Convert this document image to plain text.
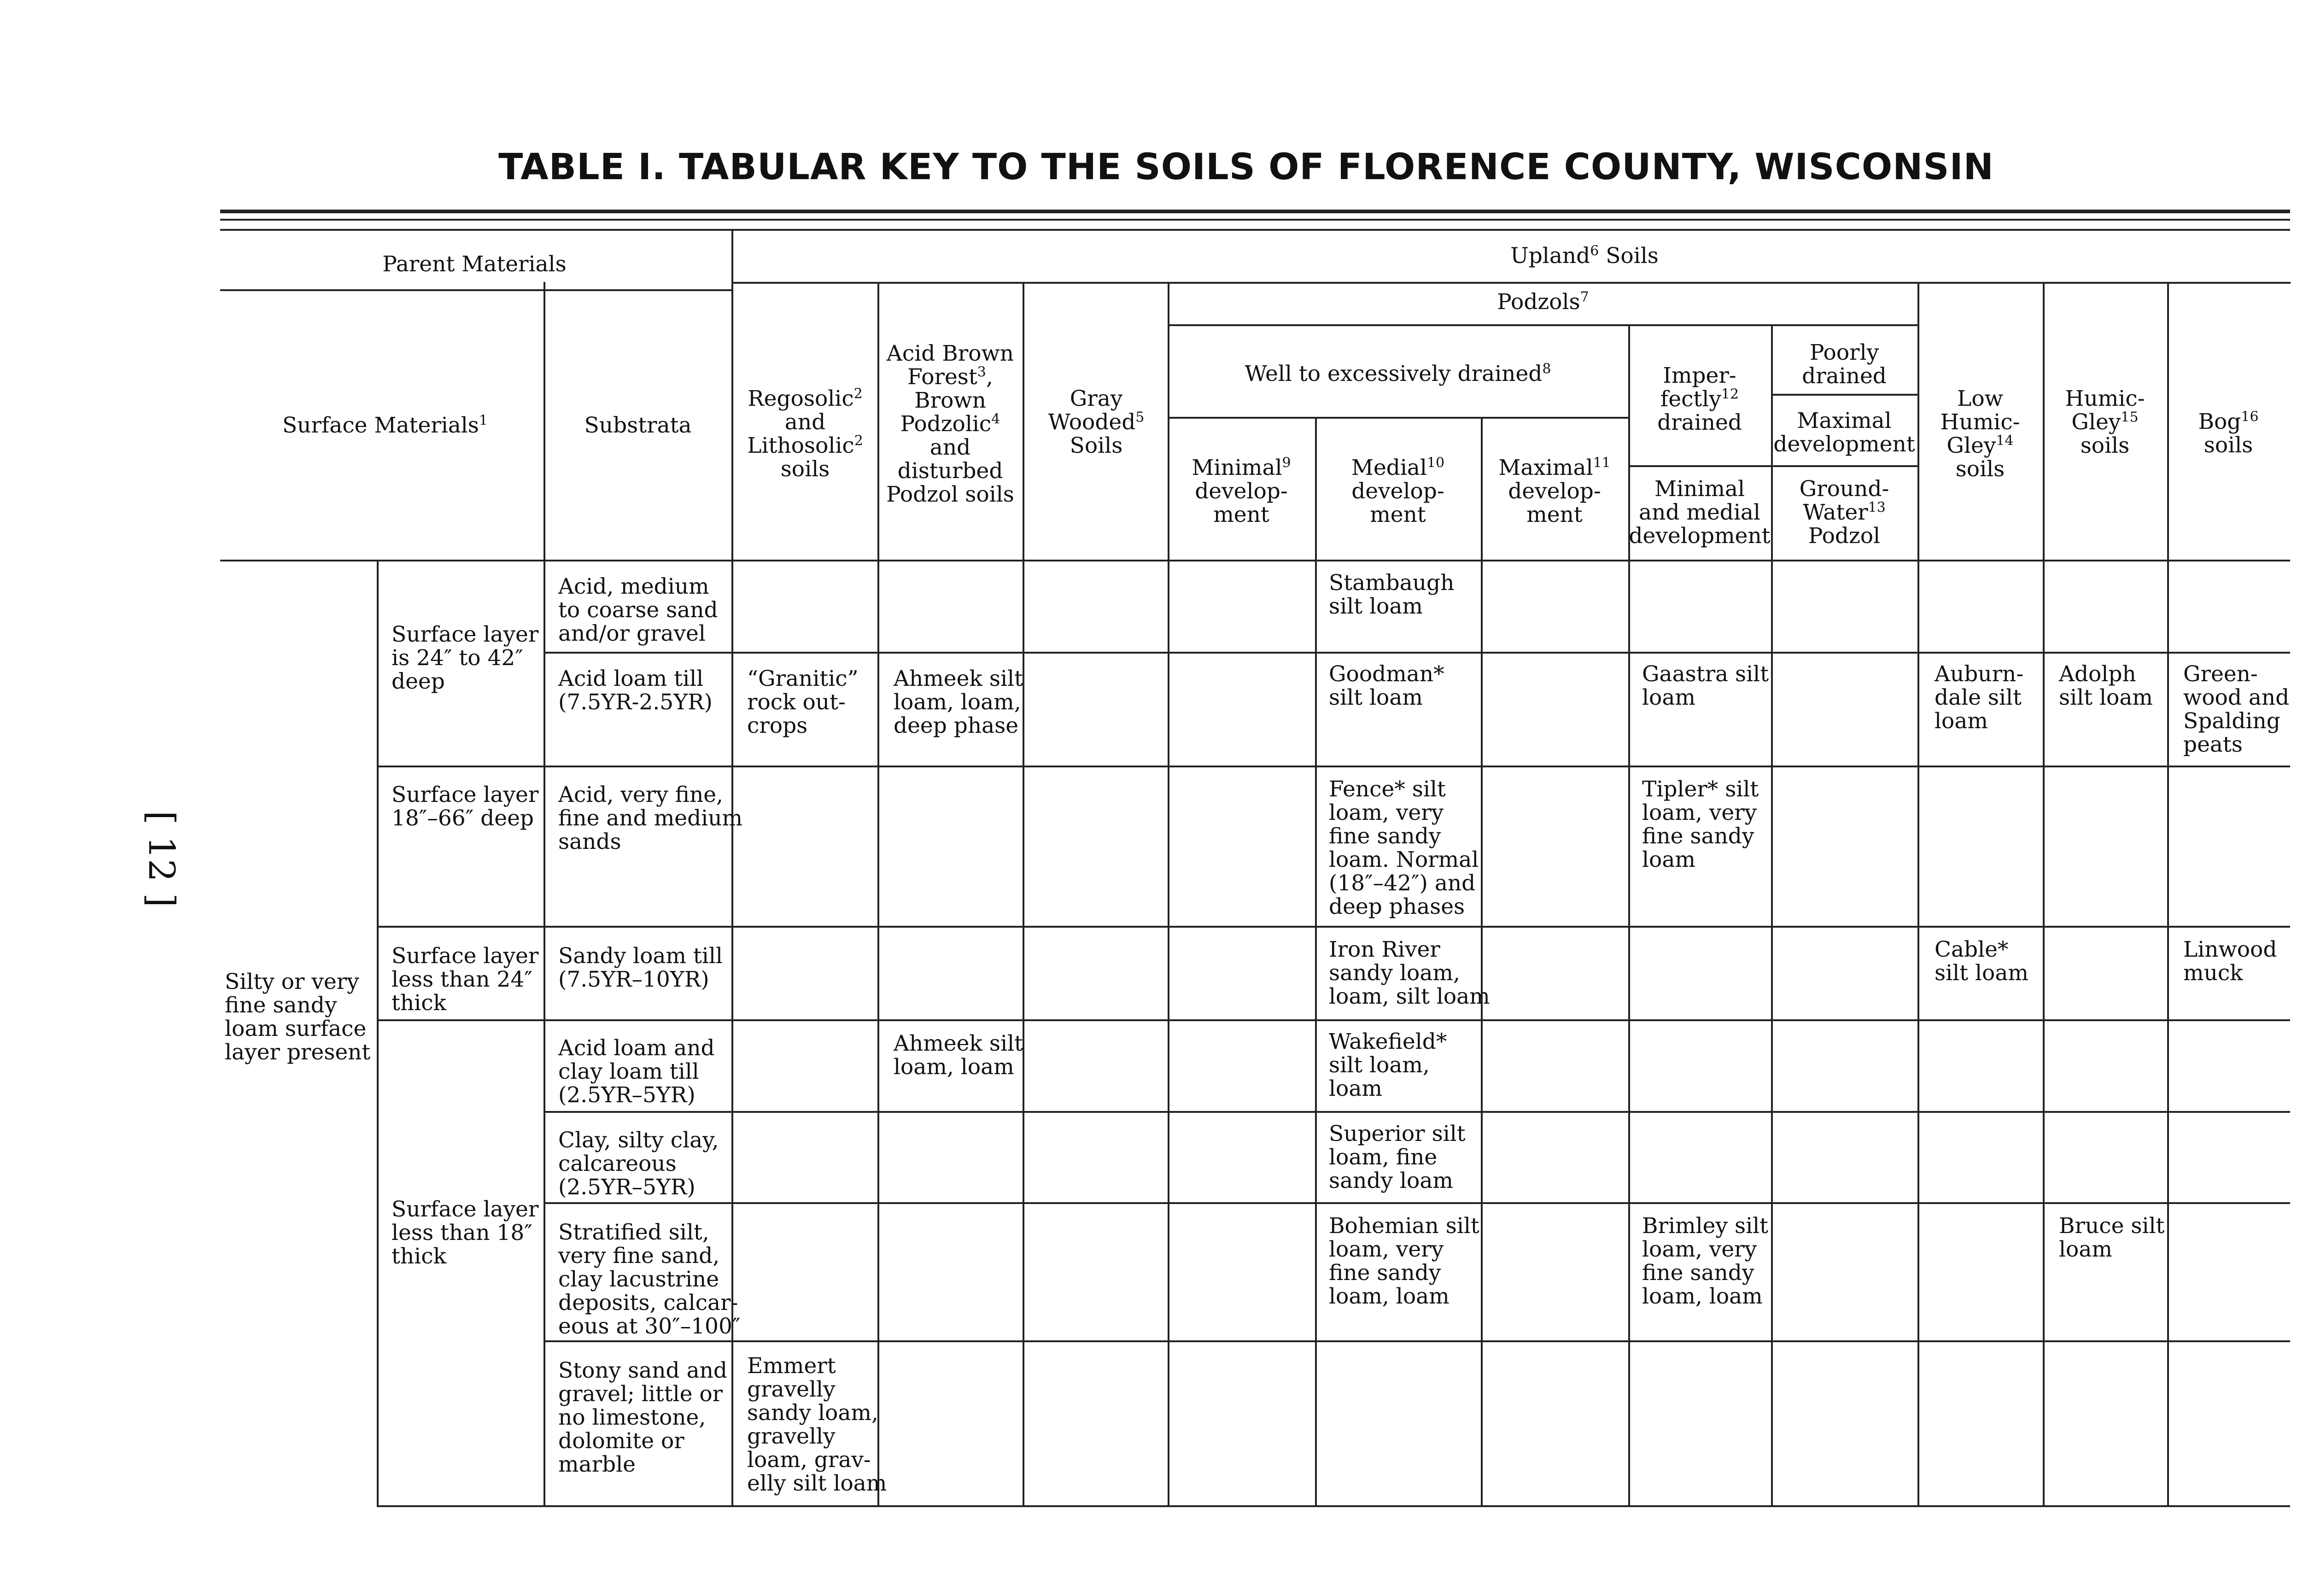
TABLE I. TABULAR KEY TO THE SOILS OF FLORENCE COUNTY, WISCONSIN
[ 12 ]
Parent Materials	Upland$^6$ Soils
Podzols$^7$
Surface Materials$^1$	Substrata
Regosolic$^2$
and
Lithosolic$^2$
soils
Acid Brown
Forest$^3$,
Brown
Podzolic$^4$
and
disturbed
Podzol soils
Gray
Wooded$^5$
Soils
Well to excessively drained$^8$
Minimal$^9$
develop-
ment
Medial$^{10}$
develop-
ment
Maximal$^{11}$
develop-
ment
Imper-
fectly$^{12}$
drained
Minimal
and medial
development
Poorly
drained
Maximal
development
Ground-
Water$^{13}$
Podzol
Low
Humic-
Gley$^{14}$
soils
Humic-
Gley$^{15}$
soils
Bog$^{16}$
soils
Silty or very
fine sandy
loam surface
layer present
Surface layer
is 24″ to 42″
deep
Surface layer
18″–66″ deep
Surface layer
less than 24″
thick
Surface layer
less than 18″
thick
Acid, medium
to coarse sand
and/or gravel
Acid loam till
(7.5YR-2.5YR)
Acid, very fine,
fine and medium
sands
Sandy loam till
(7.5YR–10YR)
Acid loam and
clay loam till
(2.5YR–5YR)
Clay, silty clay,
calcareous
(2.5YR–5YR)
Stratified silt,
very fine sand,
clay lacustrine
deposits, calcar-
eous at 30″–100″
Stony sand and
gravel; little or
no limestone,
dolomite or
marble
Stambaugh
silt loam
“Granitic”
rock out-
crops
Ahmeek silt
loam, loam,
deep phase
Goodman*
silt loam
Gaastra silt
loam
Auburn-
dale silt
loam
Adolph
silt loam
Green-
wood and
Spalding
peats
Fence* silt
loam, very
fine sandy
loam. Normal
(18″–42″) and
deep phases
Tipler* silt
loam, very
fine sandy
loam
Iron River
sandy loam,
loam, silt loam
Cable*
silt loam
Linwood
muck
Ahmeek silt
loam, loam
Wakefield*
silt loam,
loam
Superior silt
loam, fine
sandy loam
Bohemian silt
loam, very
fine sandy
loam, loam
Brimley silt
loam, very
fine sandy
loam, loam
Bruce silt
loam
Emmert
gravelly
sandy loam,
gravelly
loam, grav-
elly silt loam
